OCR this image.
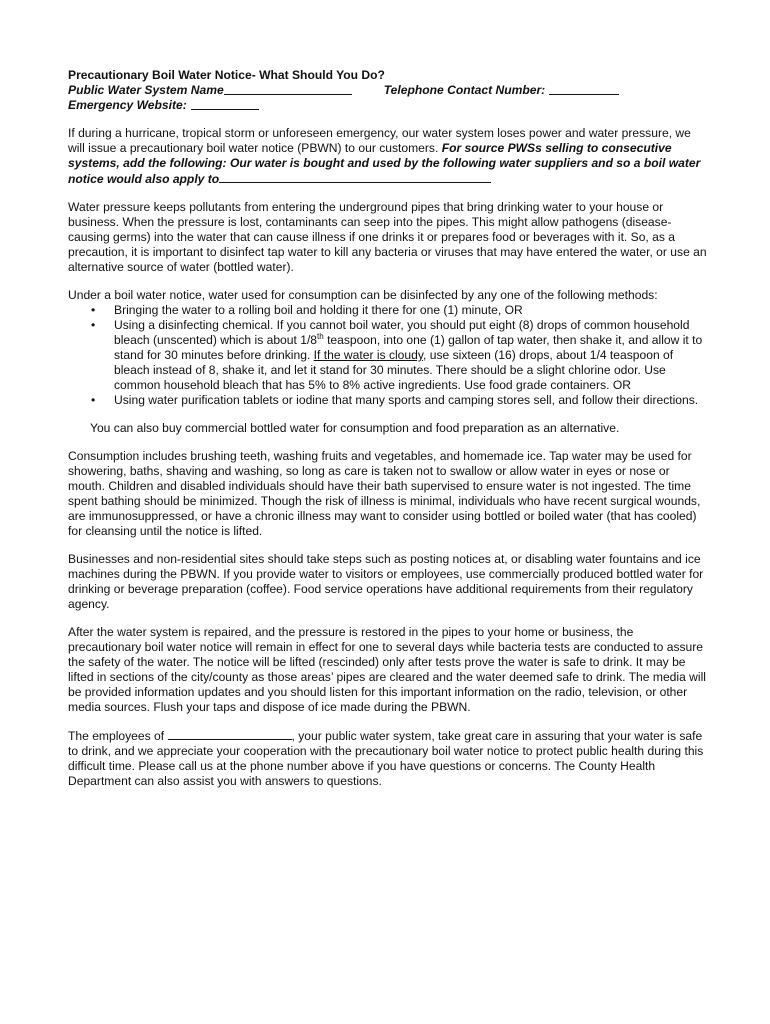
Precautionary Boil Water Notice- What Should You Do?

Public Water System Name	Telephone Contact Number:
Emergency Website:

If during a hurricane, tropical storm or unforeseen emergency, our water system loses power and water pressure, we will issue a precautionary boil water notice (PBWN) to our customers. For source PWSs selling to consecutive systems, add the following: Our water is bought and used by the following water suppliers and so a boil water notice would also apply to

Water pressure keeps pollutants from entering the underground pipes that bring drinking water to your house or business. When the pressure is lost, contaminants can seep into the pipes. This might allow pathogens (disease-causing germs) into the water that can cause illness if one drinks it or prepares food or beverages with it. So, as a precaution, it is important to disinfect tap water to kill any bacteria or viruses that may have entered the water, or use an alternative source of water (bottled water).

Under a boil water notice, water used for consumption can be disinfected by any one of the following methods:

• Bringing the water to a rolling boil and holding it there for one (1) minute, OR
• Using a disinfecting chemical. If you cannot boil water, you should put eight (8) drops of common household bleach (unscented) which is about 1/8th teaspoon, into one (1) gallon of tap water, then shake it, and allow it to stand for 30 minutes before drinking. If the water is cloudy, use sixteen (16) drops, about 1/4 teaspoon of bleach instead of 8, shake it, and let it stand for 30 minutes. There should be a slight chlorine odor. Use common household bleach that has 5% to 8% active ingredients. Use food grade containers. OR
• Using water purification tablets or iodine that many sports and camping stores sell, and follow their directions.

You can also buy commercial bottled water for consumption and food preparation as an alternative.

Consumption includes brushing teeth, washing fruits and vegetables, and homemade ice. Tap water may be used for showering, baths, shaving and washing, so long as care is taken not to swallow or allow water in eyes or nose or mouth. Children and disabled individuals should have their bath supervised to ensure water is not ingested. The time spent bathing should be minimized. Though the risk of illness is minimal, individuals who have recent surgical wounds, are immunosuppressed, or have a chronic illness may want to consider using bottled or boiled water (that has cooled) for cleansing until the notice is lifted.

Businesses and non-residential sites should take steps such as posting notices at, or disabling water fountains and ice machines during the PBWN. If you provide water to visitors or employees, use commercially produced bottled water for drinking or beverage preparation (coffee). Food service operations have additional requirements from their regulatory agency.

After the water system is repaired, and the pressure is restored in the pipes to your home or business, the precautionary boil water notice will remain in effect for one to several days while bacteria tests are conducted to assure the safety of the water. The notice will be lifted (rescinded) only after tests prove the water is safe to drink. It may be lifted in sections of the city/county as those areas’ pipes are cleared and the water deemed safe to drink. The media will be provided information updates and you should listen for this important information on the radio, television, or other media sources. Flush your taps and dispose of ice made during the PBWN.

The employees of	, your public water system, take great care in assuring that your water is safe to drink, and we appreciate your cooperation with the precautionary boil water notice to protect public health during this difficult time. Please call us at the phone number above if you have questions or concerns. The County Health Department can also assist you with answers to questions.
